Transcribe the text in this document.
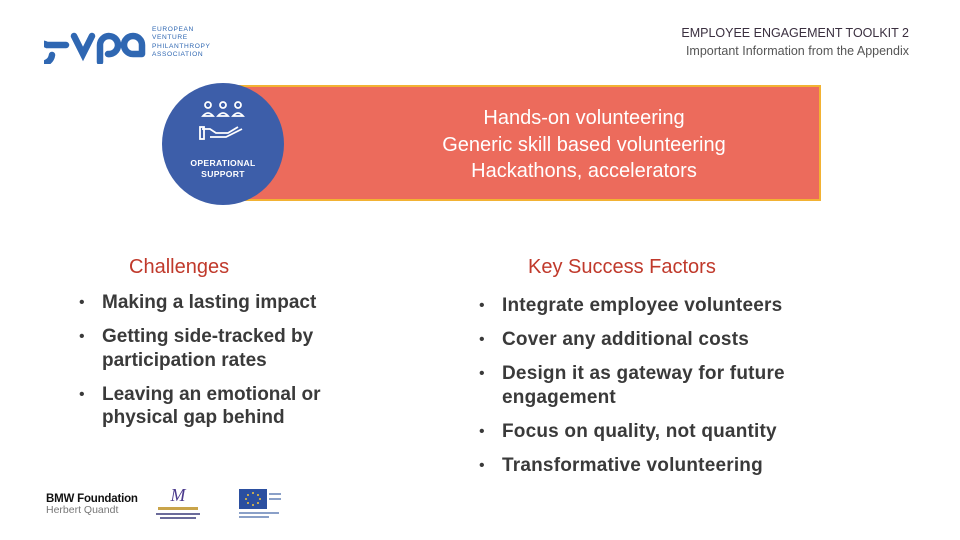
EUROPEAN
VENTURE
PHILANTHROPY
ASSOCIATION
EMPLOYEE ENGAGEMENT TOOLKIT 2
Important Information from the Appendix
Hands-on volunteering
Generic skill based volunteering
Hackathons, accelerators
OPERATIONAL
SUPPORT
Challenges	Key Success Factors
• Making a lasting impact
• Getting side-tracked by participation rates
• Leaving an emotional or physical gap behind
• Integrate employee volunteers
• Cover any additional costs
• Design it as gateway for future engagement
• Focus on quality, not quantity
• Transformative volunteering
BMW Foundation
Herbert Quandt
M
